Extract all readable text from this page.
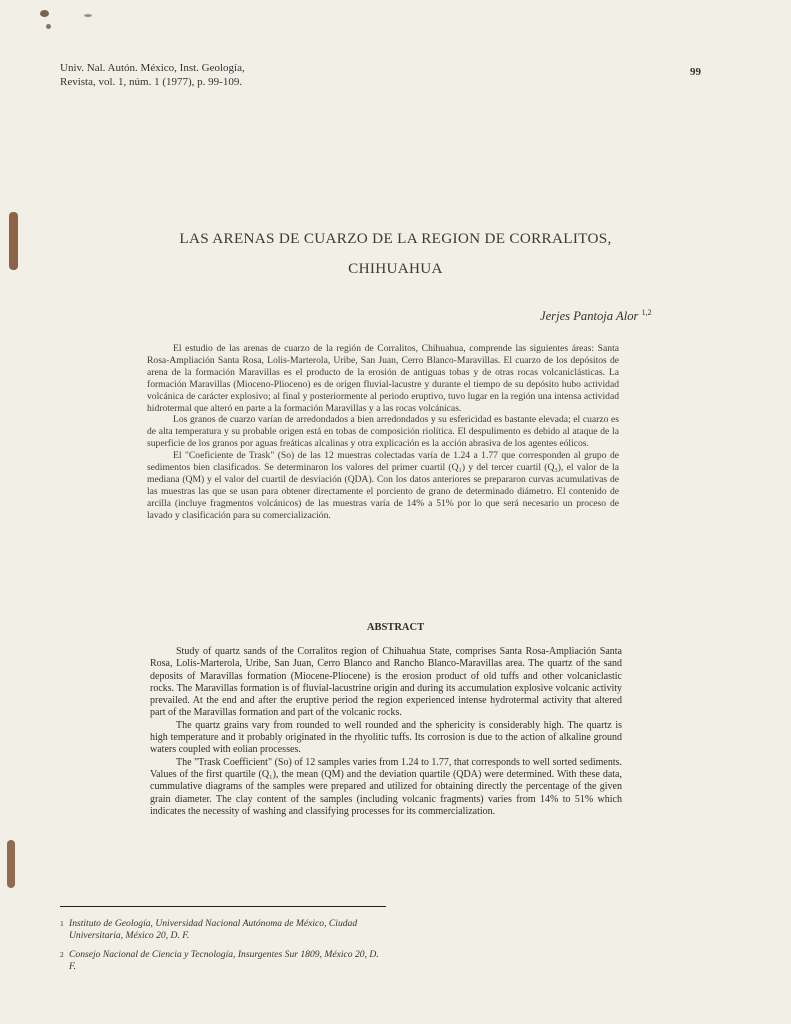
Univ. Nal. Autón. México, Inst. Geología,
Revista, vol. 1, núm. 1 (1977), p. 99-109.
99
LAS ARENAS DE CUARZO DE LA REGION DE CORRALITOS,
CHIHUAHUA
Jerjes Pantoja Alor $^{1,2}$

El estudio de las arenas de cuarzo de la región de Corralitos, Chihuahua, comprende las siguientes áreas: Santa Rosa-Ampliación Santa Rosa, Lolis-Marterola, Uribe, San Juan, Cerro Blanco-Maravillas. El cuarzo de los depósitos de arena de la formación Maravillas es el producto de la erosión de antiguas tobas y de otras rocas volcaniclásticas. La formación Maravillas (Mioceno-Plioceno) es de origen fluvial-lacustre y durante el tiempo de su depósito hubo actividad volcánica de carácter explosivo; al final y posteriormente al periodo eruptivo, tuvo lugar en la región una intensa actividad hidrotermal que alteró en parte a la formación Maravillas y a las rocas volcánicas.

Los granos de cuarzo varían de arredondados a bien arredondados y su esfericidad es bastante elevada; el cuarzo es de alta temperatura y su probable origen está en tobas de composición riolítica. El despulimento es debido al ataque de la superficie de los granos por aguas freáticas alcalinas y otra explicación es la acción abrasiva de los agentes eólicos.

El "Coeficiente de Trask" (So) de las 12 muestras colectadas varía de 1.24 a 1.77 que corresponden al grupo de sedimentos bien clasificados. Se determinaron los valores del primer cuartil (Q₁) y del tercer cuartil (Q₃), el valor de la mediana (QM) y el valor del cuartil de desviación (QDA). Con los datos anteriores se prepararon curvas acumulativas de las muestras las que se usan para obtener directamente el porciento de grano de determinado diámetro. El contenido de arcilla (incluye fragmentos volcánicos) de las muestras varía de 14% a 51% por lo que será necesario un proceso de lavado y clasificación para su comercialización.

ABSTRACT

Study of quartz sands of the Corralitos region of Chihuahua State, comprises Santa Rosa-Ampliación Santa Rosa, Lolis-Marterola, Uribe, San Juan, Cerro Blanco and Rancho Blanco-Maravillas area. The quartz of the sand deposits of Maravillas formation (Miocene-Pliocene) is the erosion product of old tuffs and other volcaniclastic rocks. The Maravillas formation is of fluvial-lacustrine origin and during its accumulation explosive volcanic activity prevailed. At the end and after the eruptive period the region experienced intense hydrotermal activity that altered part of the Maravillas formation and part of the volcanic rocks.

The quartz grains vary from rounded to well rounded and the sphericity is considerably high. The quartz is high temperature and it probably originated in the rhyolitic tuffs. Its corrosion is due to the action of alkaline ground waters coupled with eolian processes.

The "Trask Coefficient" (So) of 12 samples varies from 1.24 to 1.77, that corresponds to well sorted sediments. Values of the first quartile (Q₁), the mean (QM) and the deviation quartile (QDA) were determined. With these data, cummulative diagrams of the samples were prepared and utilized for obtaining directly the percentage of the given grain diameter. The clay content of the samples (including volcanic fragments) varies from 14% to 51% which indicates the necessity of washing and classifying processes for its commercialization.

1 Instituto de Geología, Universidad Nacional Autónoma de México, Ciudad Universitaria, México 20, D. F.
2 Consejo Nacional de Ciencia y Tecnología, Insurgentes Sur 1809, México 20, D. F.
